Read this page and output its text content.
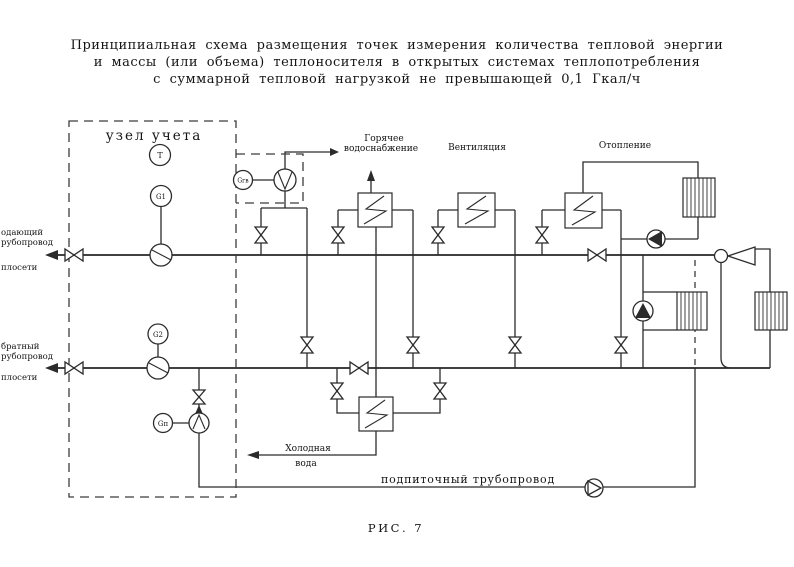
T
G1
G2
Gп
Gгв
Принципиальная схема размещения точек измерения количества тепловой энергии
и массы (или объема) теплоносителя в открытых системах теплопотребления
с суммарной тепловой нагрузкой не превышающей 0,1 Гкал/ч
узел учета	Горячее
водоснабжение	Вентиляция	Отопление
одающий
рубопровод
плосети
братный
рубопровод
плосети
Холодная
вода
подпиточный трубопровод
РИС. 7
